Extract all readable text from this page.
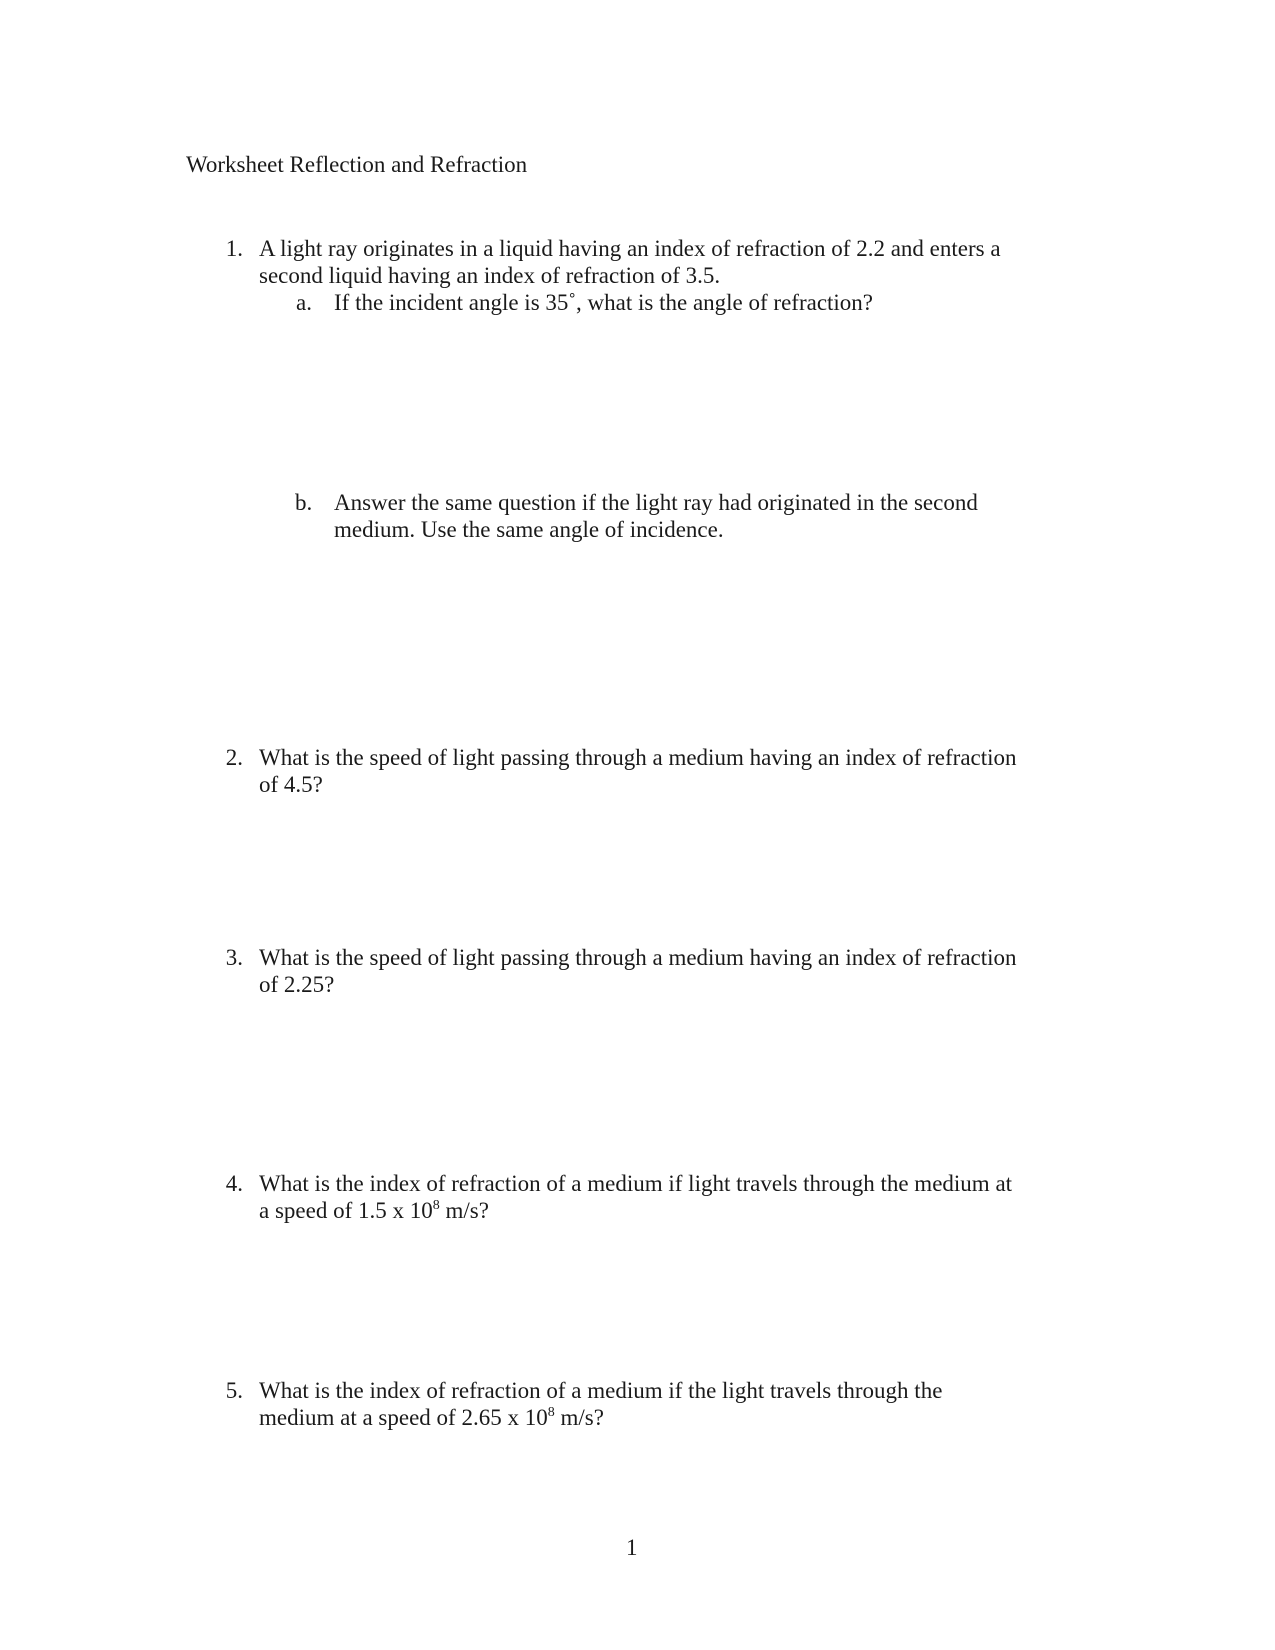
Worksheet Reflection and Refraction
1. A light ray originates in a liquid having an index of refraction of 2.2 and enters a
second liquid having an index of refraction of 3.5.
a. If the incident angle is 35˚, what is the angle of refraction?
b. Answer the same question if the light ray had originated in the second
medium. Use the same angle of incidence.
2. What is the speed of light passing through a medium having an index of refraction
of 4.5?
3. What is the speed of light passing through a medium having an index of refraction
of 2.25?
4. What is the index of refraction of a medium if light travels through the medium at
a speed of 1.5 x $10^8$ m/s?
5. What is the index of refraction of a medium if the light travels through the
medium at a speed of 2.65 x $10^8$ m/s?
1
